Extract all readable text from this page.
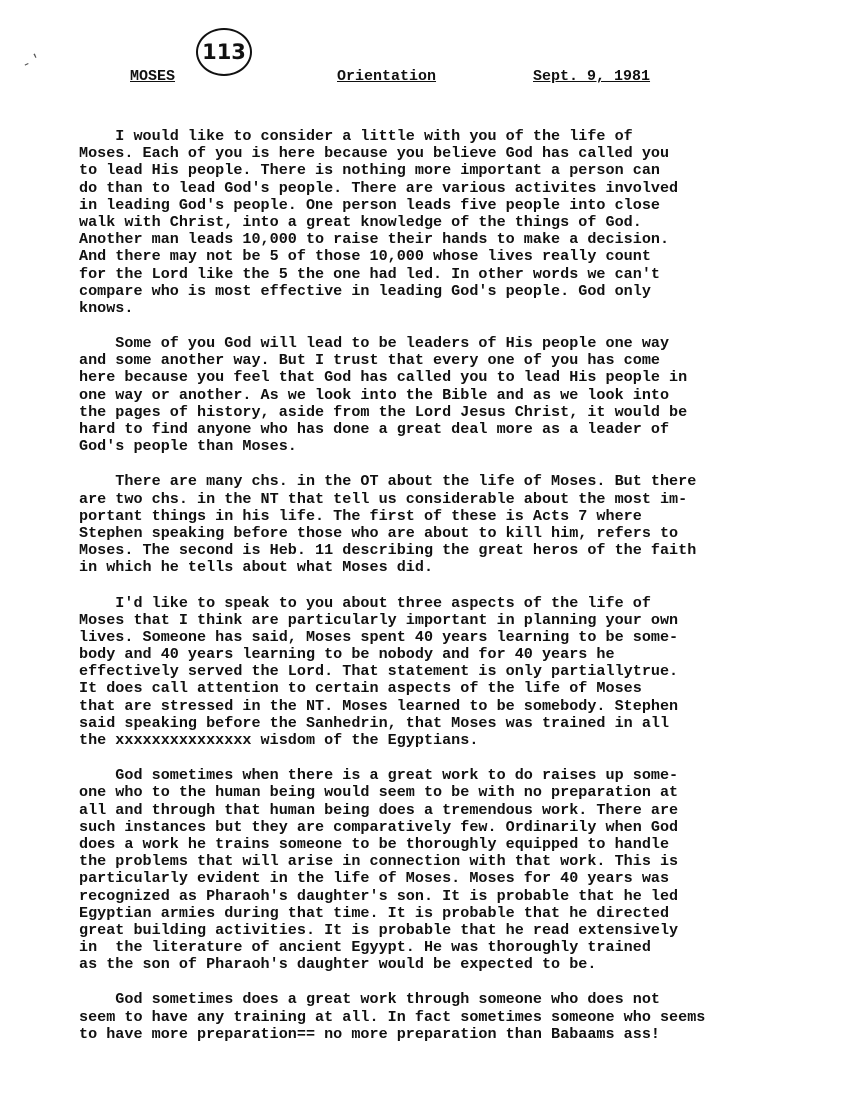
-'	113
MOSES	Orientation	Sept. 9, 1981
I would like to consider a little with you of the life of
Moses. Each of you is here because you believe God has called you
to lead His people. There is nothing more important a person can
do than to lead God's people. There are various activites involved
in leading God's people. One person leads five people into close
walk with Christ, into a great knowledge of the things of God.
Another man leads 10,000 to raise their hands to make a decision.
And there may not be 5 of those 10,000 whose lives really count
for the Lord like the 5 the one had led. In other words we can't
compare who is most effective in leading God's people. God only
knows.
Some of you God will lead to be leaders of His people one way
and some another way. But I trust that every one of you has come
here because you feel that God has called you to lead His people in
one way or another. As we look into the Bible and as we look into
the pages of history, aside from the Lord Jesus Christ, it would be
hard to find anyone who has done a great deal more as a leader of
God's people than Moses.
There are many chs. in the OT about the life of Moses. But there
are two chs. in the NT that tell us considerable about the most im-
portant things in his life. The first of these is Acts 7 where
Stephen speaking before those who are about to kill him, refers to
Moses. The second is Heb. 11 describing the great heros of the faith
in which he tells about what Moses did.
I'd like to speak to you about three aspects of the life of
Moses that I think are particularly important in planning your own
lives. Someone has said, Moses spent 40 years learning to be some-
body and 40 years learning to be nobody and for 40 years he
effectively served the Lord. That statement is only partiallytrue.
It does call attention to certain aspects of the life of Moses
that are stressed in the NT. Moses learned to be somebody. Stephen
said speaking before the Sanhedrin, that Moses was trained in all
the xxxxxxxxxxxxxxx wisdom of the Egyptians.
God sometimes when there is a great work to do raises up some-
one who to the human being would seem to be with no preparation at
all and through that human being does a tremendous work. There are
such instances but they are comparatively few. Ordinarily when God
does a work he trains someone to be thoroughly equipped to handle
the problems that will arise in connection with that work. This is
particularly evident in the life of Moses. Moses for 40 years was
recognized as Pharaoh's daughter's son. It is probable that he led
Egyptian armies during that time. It is probable that he directed
great building activities. It is probable that he read extensively
in  the literature of ancient Egyypt. He was thoroughly trained
as the son of Pharaoh's daughter would be expected to be.
God sometimes does a great work through someone who does not
seem to have any training at all. In fact sometimes someone who seems
to have more preparation== no more preparation than Babaams ass!
